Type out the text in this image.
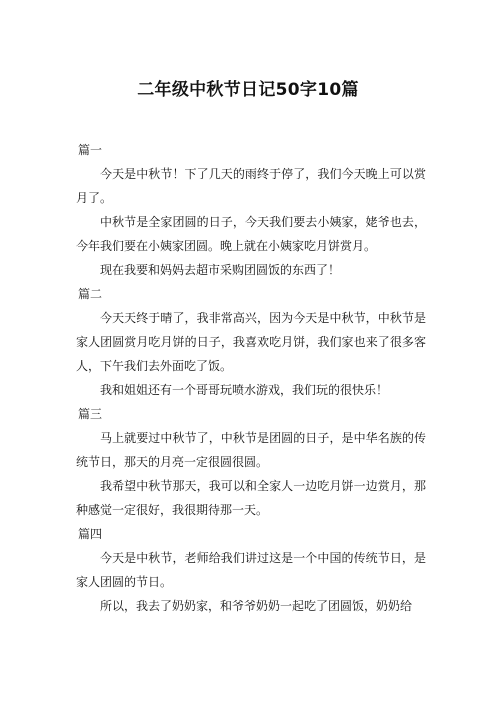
二年级中秋节日记50字10篇

篇一

今天是中秋节！下了几天的雨终于停了，我们今天晚上可以赏月了。

中秋节是全家团圆的日子，今天我们要去小姨家，姥爷也去，今年我们要在小姨家团圆。晚上就在小姨家吃月饼赏月。

现在我要和妈妈去超市采购团圆饭的东西了！

篇二

今天天终于晴了，我非常高兴，因为今天是中秋节，中秋节是家人团圆赏月吃月饼的日子，我喜欢吃月饼，我们家也来了很多客人，下午我们去外面吃了饭。

我和姐姐还有一个哥哥玩喷水游戏，我们玩的很快乐！

篇三

马上就要过中秋节了，中秋节是团圆的日子，是中华名族的传统节日，那天的月亮一定很圆很圆。

我希望中秋节那天，我可以和全家人一边吃月饼一边赏月，那种感觉一定很好，我很期待那一天。

篇四

今天是中秋节，老师给我们讲过这是一个中国的传统节日，是家人团圆的节日。

所以，我去了奶奶家，和爷爷奶奶一起吃了团圆饭，奶奶给
